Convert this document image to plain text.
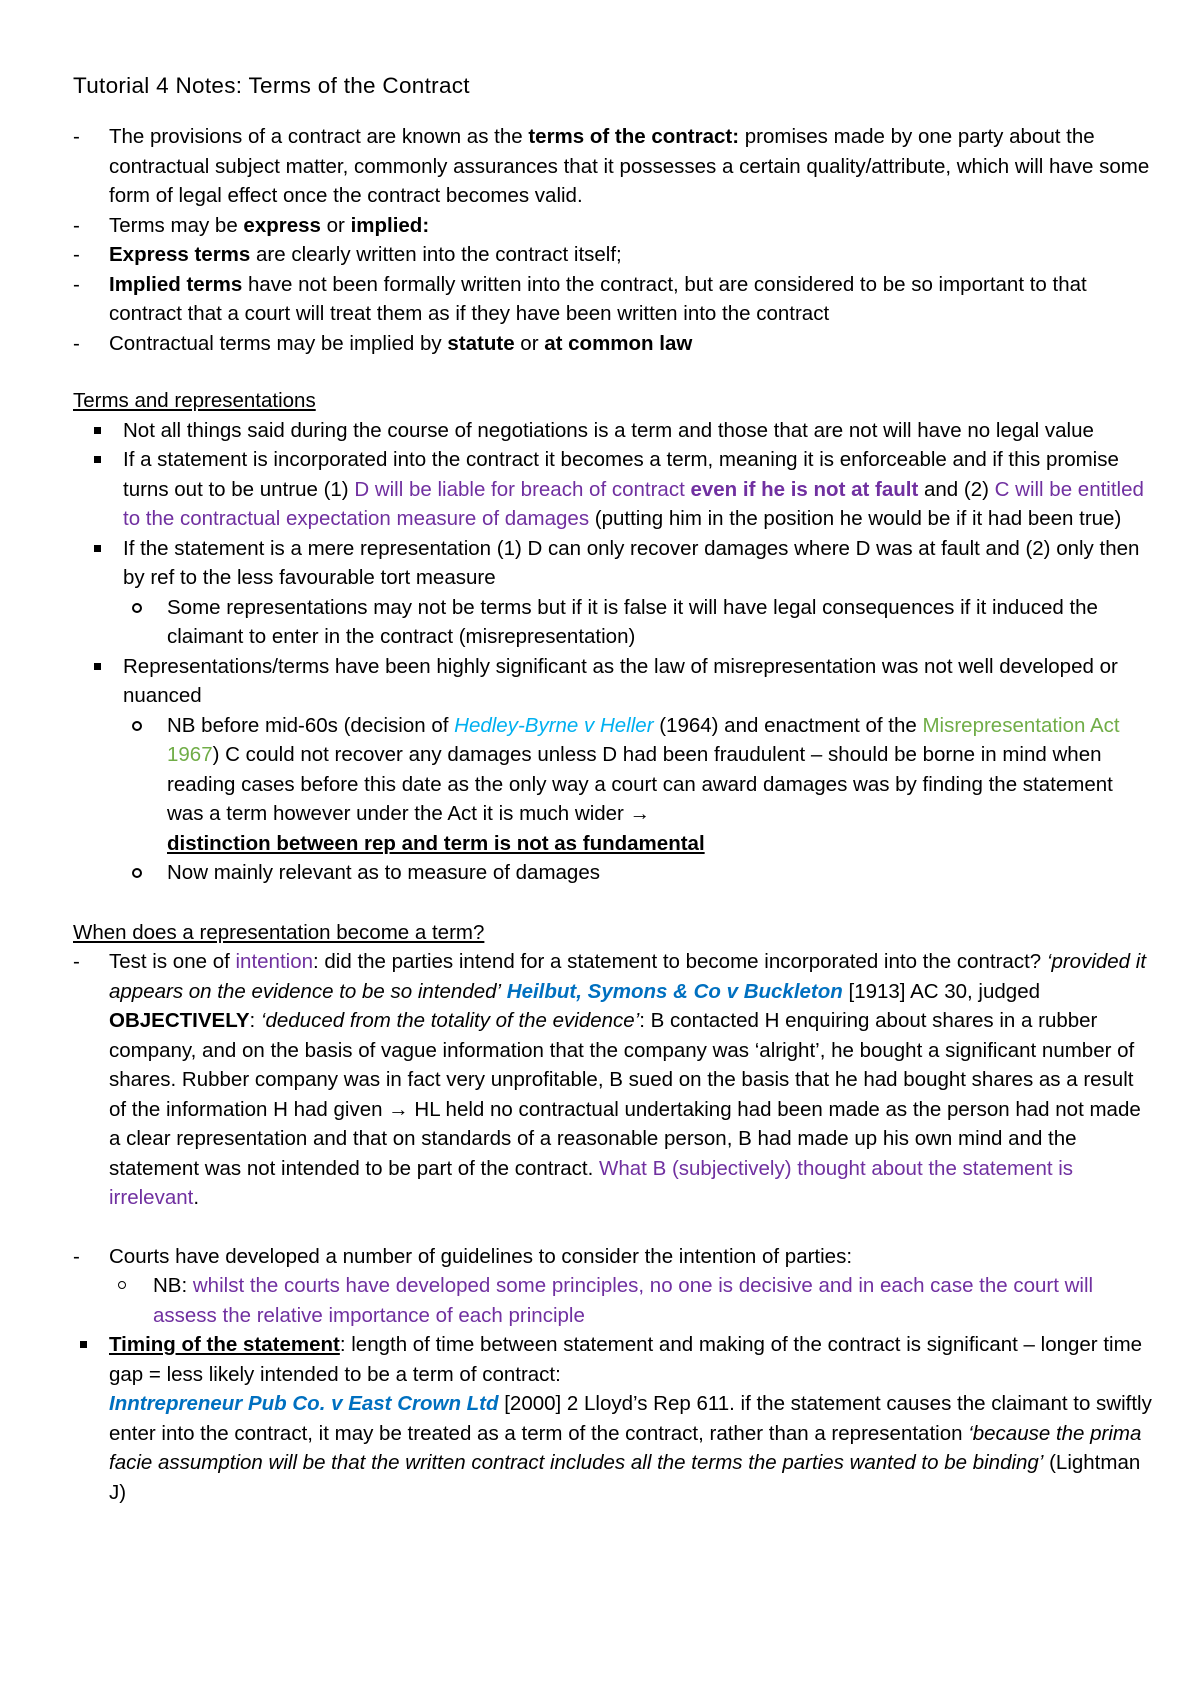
Tutorial 4 Notes: Terms of the Contract
- The provisions of a contract are known as the terms of the contract: promises made by one party about the contractual subject matter, commonly assurances that it possesses a certain quality/attribute, which will have some form of legal effect once the contract becomes valid.
- Terms may be express or implied:
- Express terms are clearly written into the contract itself;
- Implied terms have not been formally written into the contract, but are considered to be so important to that contract that a court will treat them as if they have been written into the contract
- Contractual terms may be implied by statute or at common law
Terms and representations
Not all things said during the course of negotiations is a term and those that are not will have no legal value
If a statement is incorporated into the contract it becomes a term, meaning it is enforceable and if this promise turns out to be untrue (1) D will be liable for breach of contract even if he is not at fault and (2) C will be entitled to the contractual expectation measure of damages (putting him in the position he would be if it had been true)
If the statement is a mere representation (1) D can only recover damages where D was at fault and (2) only then by ref to the less favourable tort measure
Some representations may not be terms but if it is false it will have legal consequences if it induced the claimant to enter in the contract (misrepresentation)
Representations/terms have been highly significant as the law of misrepresentation was not well developed or nuanced
NB before mid-60s (decision of Hedley-Byrne v Heller (1964) and enactment of the Misrepresentation Act 1967) C could not recover any damages unless D had been fraudulent – should be borne in mind when reading cases before this date as the only way a court can award damages was by finding the statement was a term however under the Act it is much wider →
distinction between rep and term is not as fundamental
Now mainly relevant as to measure of damages
When does a representation become a term?
- Test is one of intention: did the parties intend for a statement to become incorporated into the contract? ‘provided it appears on the evidence to be so intended’ Heilbut, Symons & Co v Buckleton [1913] AC 30, judged OBJECTIVELY: ‘deduced from the totality of the evidence’: B contacted H enquiring about shares in a rubber company, and on the basis of vague information that the company was ‘alright’, he bought a significant number of shares. Rubber company was in fact very unprofitable, B sued on the basis that he had bought shares as a result of the information H had given → HL held no contractual undertaking had been made as the person had not made a clear representation and that on standards of a reasonable person, B had made up his own mind and the statement was not intended to be part of the contract. What B (subjectively) thought about the statement is irrelevant.
- Courts have developed a number of guidelines to consider the intention of parties:
NB: whilst the courts have developed some principles, no one is decisive and in each case the court will assess the relative importance of each principle
Timing of the statement: length of time between statement and making of the contract is significant – longer time gap = less likely intended to be a term of contract:
Inntrepreneur Pub Co. v East Crown Ltd [2000] 2 Lloyd’s Rep 611. if the statement causes the claimant to swiftly enter into the contract, it may be treated as a term of the contract, rather than a representation ‘because the prima facie assumption will be that the written contract includes all the terms the parties wanted to be binding’ (Lightman J)
